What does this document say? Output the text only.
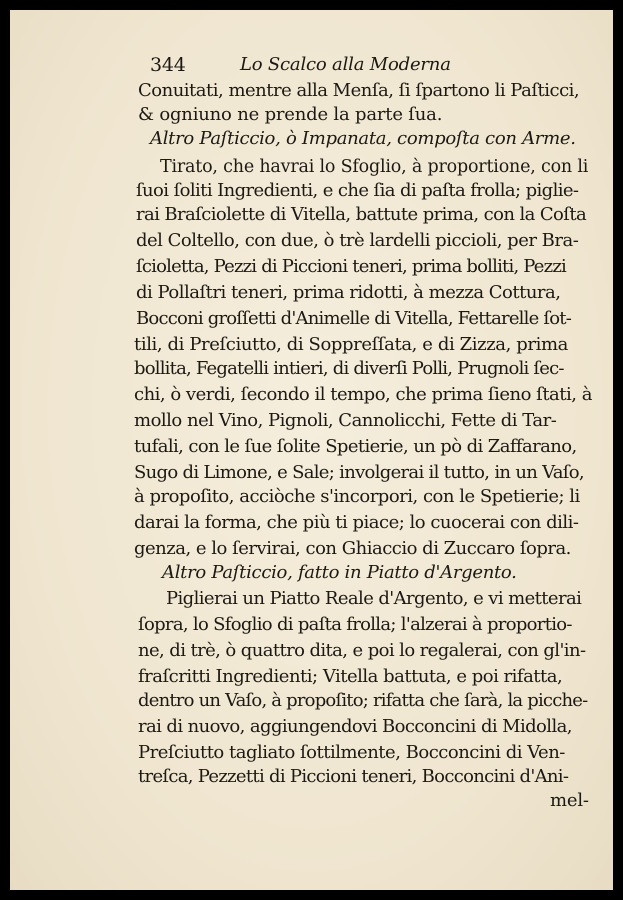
344	Lo Scalco alla Moderna
Conuitati, mentre alla Menſa, ſi ſpartono li Paſticci,
& ogniuno ne prende la parte ſua.
Altro Paſticcio, ò Impanata, compoſta con Arme.
Tirato, che havrai lo Sfoglio, à proportione, con li
ſuoi ſoliti Ingredienti, e che ſia di paſta frolla; piglie-
rai Braſciolette di Vitella, battute prima, con la Coſta
del Coltello, con due, ò trè lardelli piccioli, per Bra-
ſcioletta, Pezzi di Piccioni teneri, prima bolliti, Pezzi
di Pollaſtri teneri, prima ridotti, à mezza Cottura,
Bocconi groſſetti d'Animelle di Vitella, Fettarelle ſot-
tili, di Preſciutto, di Soppreſſata, e di Zizza, prima
bollita, Fegatelli intieri, di diverſi Polli, Prugnoli ſec-
chi, ò verdi, ſecondo il tempo, che prima ſieno ſtati, à
mollo nel Vino, Pignoli, Cannolicchi, Fette di Tar-
tufali, con le ſue ſolite Spetierie, un pò di Zaffarano,
Sugo di Limone, e Sale; involgerai il tutto, in un Vaſo,
à propoſito, acciòche s'incorpori, con le Spetierie; li
darai la forma, che più ti piace; lo cuocerai con dili-
genza, e lo ſervirai, con Ghiaccio di Zuccaro ſopra.
Altro Paſticcio, fatto in Piatto d'Argento.
Piglierai un Piatto Reale d'Argento, e vi metterai
ſopra, lo Sfoglio di paſta frolla; l'alzerai à proportio-
ne, di trè, ò quattro dita, e poi lo regalerai, con gl'in-
fraſcritti Ingredienti; Vitella battuta, e poi rifatta,
dentro un Vaſo, à propoſito; rifatta che ſarà, la picche-
rai di nuovo, aggiungendovi Bocconcini di Midolla,
Preſciutto tagliato ſottilmente, Bocconcini di Ven-
treſca, Pezzetti di Piccioni teneri, Bocconcini d'Ani-
mel-
